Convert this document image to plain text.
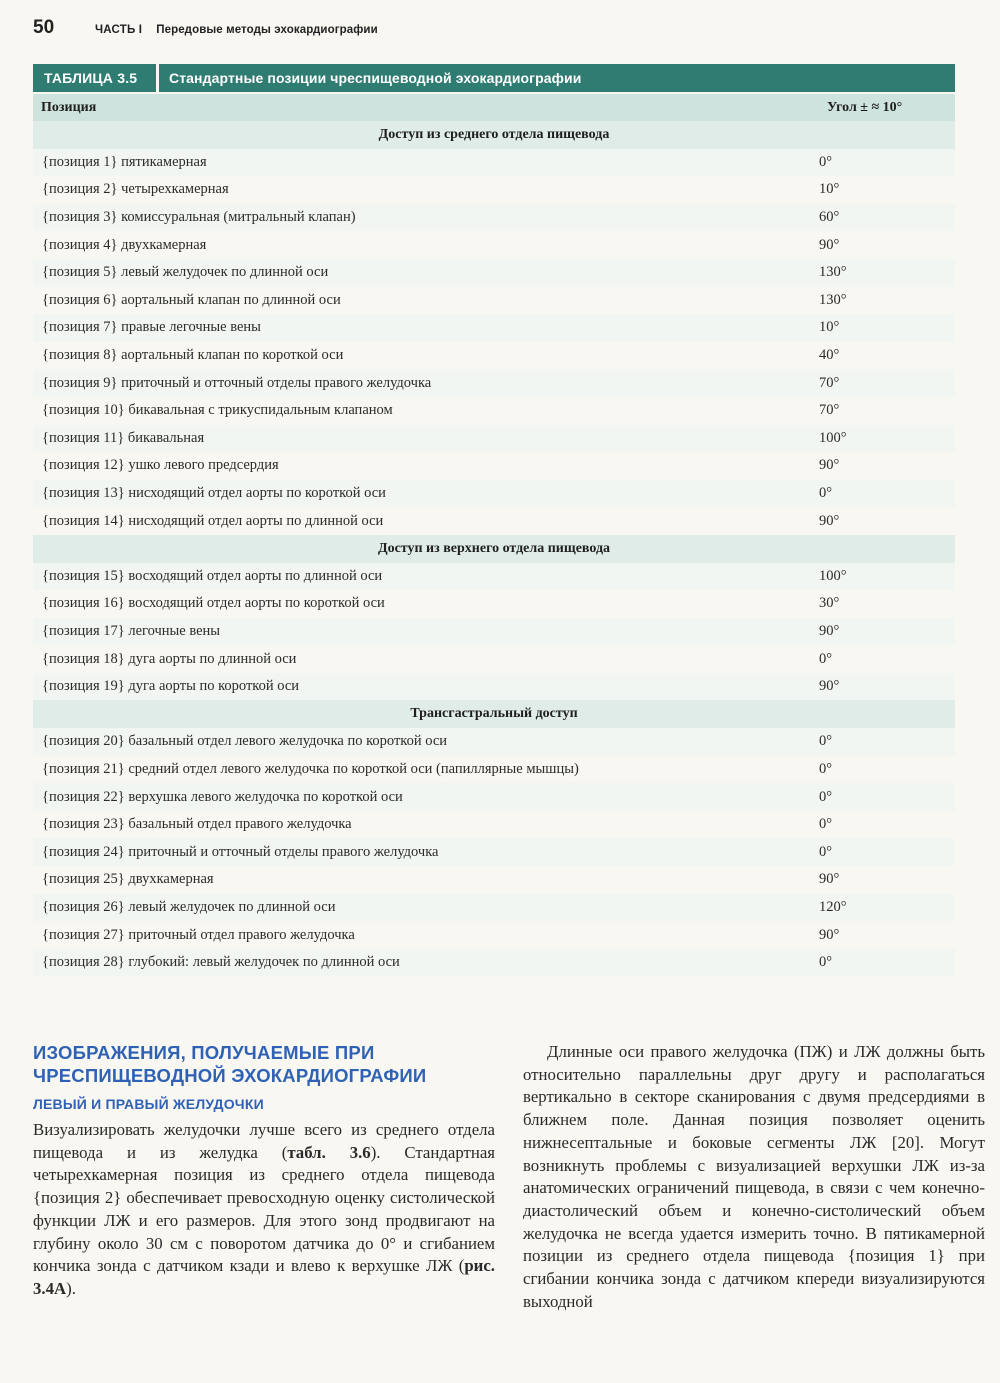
50	ЧАСТЬ I Передовые методы эхокардиографии
ТАБЛИЦА 3.5	Стандартные позиции чреспищеводной эхокардиографии
Позиция	Угол ± ≈ 10°
Доступ из среднего отдела пищевода
{позиция 1} пятикамерная	0°
{позиция 2} четырехкамерная	10°
{позиция 3} комиссуральная (митральный клапан)	60°
{позиция 4} двухкамерная	90°
{позиция 5} левый желудочек по длинной оси	130°
{позиция 6} аортальный клапан по длинной оси	130°
{позиция 7} правые легочные вены	10°
{позиция 8} аортальный клапан по короткой оси	40°
{позиция 9} приточный и отточный отделы правого желудочка	70°
{позиция 10} бикавальная с трикуспидальным клапаном	70°
{позиция 11} бикавальная	100°
{позиция 12} ушко левого предсердия	90°
{позиция 13} нисходящий отдел аорты по короткой оси	0°
{позиция 14} нисходящий отдел аорты по длинной оси	90°
Доступ из верхнего отдела пищевода
{позиция 15} восходящий отдел аорты по длинной оси	100°
{позиция 16} восходящий отдел аорты по короткой оси	30°
{позиция 17} легочные вены	90°
{позиция 18} дуга аорты по длинной оси	0°
{позиция 19} дуга аорты по короткой оси	90°
Трансгастральный доступ
{позиция 20} базальный отдел левого желудочка по короткой оси	0°
{позиция 21} средний отдел левого желудочка по короткой оси (папиллярные мышцы)	0°
{позиция 22} верхушка левого желудочка по короткой оси	0°
{позиция 23} базальный отдел правого желудочка	0°
{позиция 24} приточный и отточный отделы правого желудочка	0°
{позиция 25} двухкамерная	90°
{позиция 26} левый желудочек по длинной оси	120°
{позиция 27} приточный отдел правого желудочка	90°
{позиция 28} глубокий: левый желудочек по длинной оси	0°
ИЗОБРАЖЕНИЯ, ПОЛУЧАЕМЫЕ ПРИ ЧРЕСПИЩЕВОДНОЙ ЭХОКАРДИОГРАФИИ
ЛЕВЫЙ И ПРАВЫЙ ЖЕЛУДОЧКИ

Визуализировать желудочки лучше всего из среднего отдела пищевода и из желудка (табл. 3.6). Стандартная четырехкамерная позиция из среднего отдела пищевода {позиция 2} обеспечивает превосходную оценку систолической функции ЛЖ и его размеров. Для этого зонд продвигают на глубину около 30 см с поворотом датчика до 0° и сгибанием кончика зонда с датчиком кзади и влево к верхушке ЛЖ (рис. 3.4А).

Длинные оси правого желудочка (ПЖ) и ЛЖ должны быть относительно параллельны друг другу и располагаться вертикально в секторе сканирования с двумя предсердиями в ближнем поле. Данная позиция позволяет оценить нижнесептальные и боковые сегменты ЛЖ [20]. Могут возникнуть проблемы с визуализацией верхушки ЛЖ из-за анатомических ограничений пищевода, в связи с чем конечно-диастолический объем и конечно-систолический объем желудочка не всегда удается измерить точно. В пятикамерной позиции из среднего отдела пищевода {позиция 1} при сгибании кончика зонда с датчиком кпереди визуализируются выходной
